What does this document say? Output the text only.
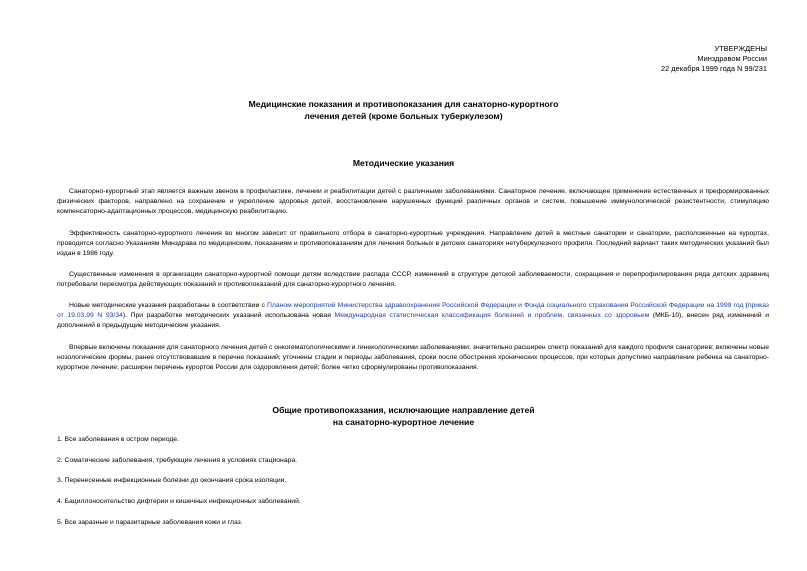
УТВЕРЖДЕНЫ
Минздравом России
22 декабря 1999 года N 99/231
Медицинские показания и противопоказания для санаторно-курортного
лечения детей (кроме больных туберкулезом)
Методические указания
Санаторно-курортный этап является важным звеном в профилактике, лечении и реабилитации детей с различными заболеваниями. Санаторное лечение, включающее применение естественных и преформированных физических факторов, направлено на сохранение и укрепление здоровья детей, восстановление нарушенных функций различных органов и систем, повышение иммунологической резистентности, стимуляцию компенсаторно-адаптационных процессов, медицинскую реабилитацию.
Эффективность санаторно-курортного лечения во многом зависит от правильного отбора в санаторно-курортные учреждения. Направление детей в местные санатории и санатории, расположенные на курортах, проводится согласно Указаниям Минздрава по медицинским, показаниям и противопоказаниям для лечения больных в детских санаториях нетуберкулезного профиля. Последний вариант таких методических указаний был издан в 1986 году.
Существенные изменения в организации санаторно-курортной помощи детям вследствие распада СССР, изменений в структуре детской заболеваемости, сокращения и перепрофилирования ряда детских здравниц потребовали пересмотра действующих показаний и противопоказаний для санаторно-курортного лечения.
Новые методические указания разработаны в соответствии с Планом мероприятий Министерства здравоохранения Российской Федерации и Фонда социального страхования Российской Федерации на 1999 год (приказ от 19.03.99 N 93/34). При разработке методических указаний использована новая Международная статистическая классификация болезней и проблем, связанных со здоровьем (МКБ-10), внесен ряд изменений и дополнений в предыдущие методические указания.
Впервые включены показания для санаторного лечения детей с онкогематологическими и гинекологическими заболеваниями; значительно расширен спектр показаний для каждого профиля санаториев; включены новые нозологические формы, ранее отсутствовавшие в перечне показаний; уточнены стадии и периоды заболевания, сроки после обострения хронических процессов, при которых допустимо направление ребенка на санаторно-курортное лечение; расширен перечень курортов России для оздоровления детей; более четко сформулированы противопоказания.
Общие противопоказания, исключающие направление детей
на санаторно-курортное лечение
1. Все заболевания в остром периоде.
2. Соматические заболевания, требующие лечения в условиях стационара.
3. Перенесенные инфекционные болезни до окончания срока изоляции.
4. Бациллоносительство дифтерии и кишечных инфекционных заболеваний.
5. Все заразные и паразитарные заболевания кожи и глаз.
